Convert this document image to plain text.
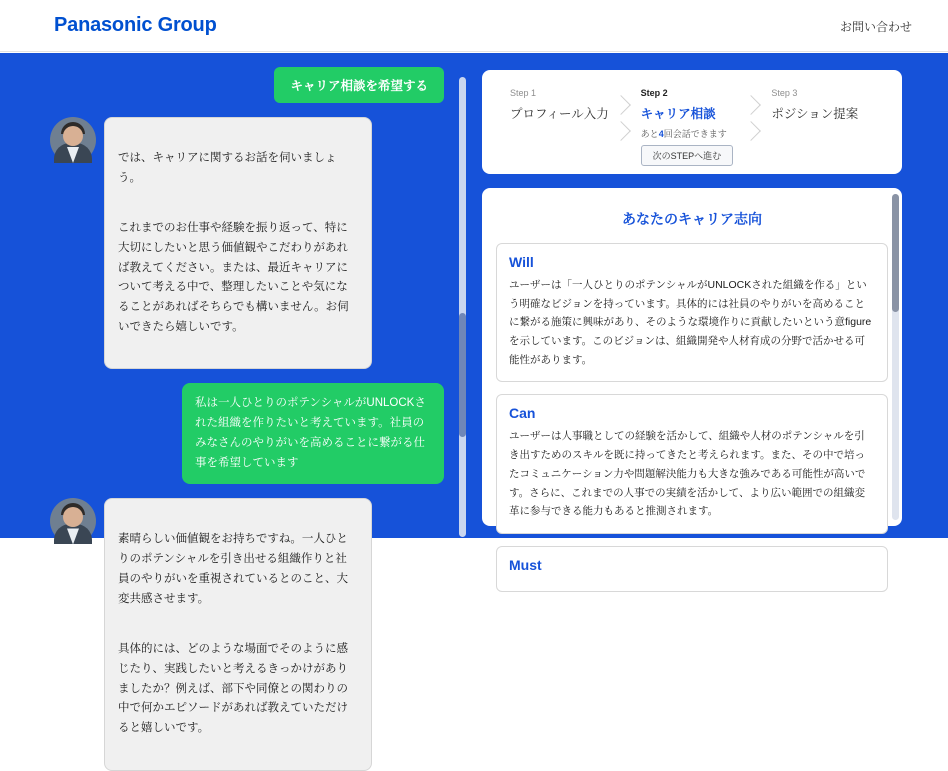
Panasonic Group	お問い合わせ
キャリア相談を希望する

では、キャリアに関するお話を伺いましょう。

これまでのお仕事や経験を振り返って、特に大切にしたいと思う価値観やこだわりがあれば教えてください。または、最近キャリアについて考える中で、整理したいことや気になることがあればそちらでも構いません。お伺いできたら嬉しいです。

私は一人ひとりのポテンシャルがUNLOCKされた組織を作りたいと考えています。社員のみなさんのやりがいを高めることに繋がる仕事を希望しています

素晴らしい価値観をお持ちですね。一人ひとりのポテンシャルを引き出せる組織作りと社員のやりがいを重視されているとのこと、大変共感させます。

具体的には、どのような場面でそのように感じたり、実践したいと考えるきっかけがありましたか？例えば、部下や同僚との関わりの中で何かエピソードがあれば教えていただけると嬉しいです。

Step 1
プロフィール入力
Step 2
キャリア相談
あと4回会話できます
次のSTEPへ進む
Step 3
ポジション提案
あなたのキャリア志向
Will
ユーザーは「一人ひとりのポテンシャルがUNLOCKされた組織を作る」という明確なビジョンを持っています。具体的には社員のやりがいを高めることに繋がる施策に興味があり、そのような環境作りに貢献したいという意figure を示しています。このビジョンは、組織開発や人材育成の分野で活かせる可能性があります。
Can
ユーザーは人事職としての経験を活かして、組織や人材のポテンシャルを引き出すためのスキルを既に持ってきたと考えられます。また、その中で培ったコミュニケーション力や問題解決能力も大きな強みである可能性が高いです。さらに、これまでの人事での実績を活かして、より広い範囲での組織変革に参与できる能力もあると推測されます。
Must
